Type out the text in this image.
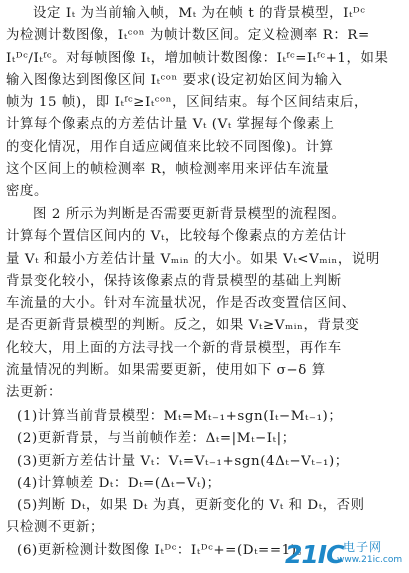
设定 Iₜ 为当前输入帧，Mₜ 为在帧 t 的背景模型，Iₜᴰᶜ
为检测计数图像，Iₜᶜᵒⁿ 为帧计数区间。定义检测率 R：R=
Iₜᴰᶜ/Iₜᶠᶜ。对每帧图像 Iₜ，增加帧计数图像：Iₜᶠᶜ=Iₜᶠᶜ+1，如果
输入图像达到图像区间 Iₜᶜᵒⁿ 要求(设定初始区间为输入
帧为 15 帧)，即 Iₜᶠᶜ≥Iₜᶜᵒⁿ，区间结束。每个区间结束后，
计算每个像素点的方差估计量 Vₜ (Vₜ 掌握每个像素上
的变化情况，用作自适应阈值来比较不同图像)。计算
这个区间上的帧检测率 R，帧检测率用来评估车流量
密度。
图 2 所示为判断是否需要更新背景模型的流程图。
计算每个置信区间内的 Vₜ，比较每个像素点的方差估计
量 Vₜ 和最小方差估计量 Vₘᵢₙ 的大小。如果 Vₜ<Vₘᵢₙ，说明
背景变化较小，保持该像素点的背景模型的基础上判断
车流量的大小。针对车流量状况，作是否改变置信区间、
是否更新背景模型的判断。反之，如果 Vₜ≥Vₘᵢₙ，背景变
化较大，用上面的方法寻找一个新的背景模型，再作车
流量情况的判断。如果需要更新，使用如下 σ−δ 算
法更新：
(1)计算当前背景模型：Mₜ=Mₜ₋₁+sgn(Iₜ−Mₜ₋₁)；
(2)更新背景，与当前帧作差：Δₜ=|Mₜ−Iₜ|；
(3)更新方差估计量 Vₜ：Vₜ=Vₜ₋₁+sgn(4Δₜ−Vₜ₋₁)；
(4)计算帧差 Dₜ：Dₜ=(Δₜ−Vₜ)；
(5)判断 Dₜ，如果 Dₜ 为真，更新变化的 Vₜ 和 Dₜ，否则
只检测不更新；
(6)更新检测计数图像 Iₜᴰᶜ：Iₜᴰᶜ+=(Dₜ==1)。
21IC 电子网
www.21ic.com
